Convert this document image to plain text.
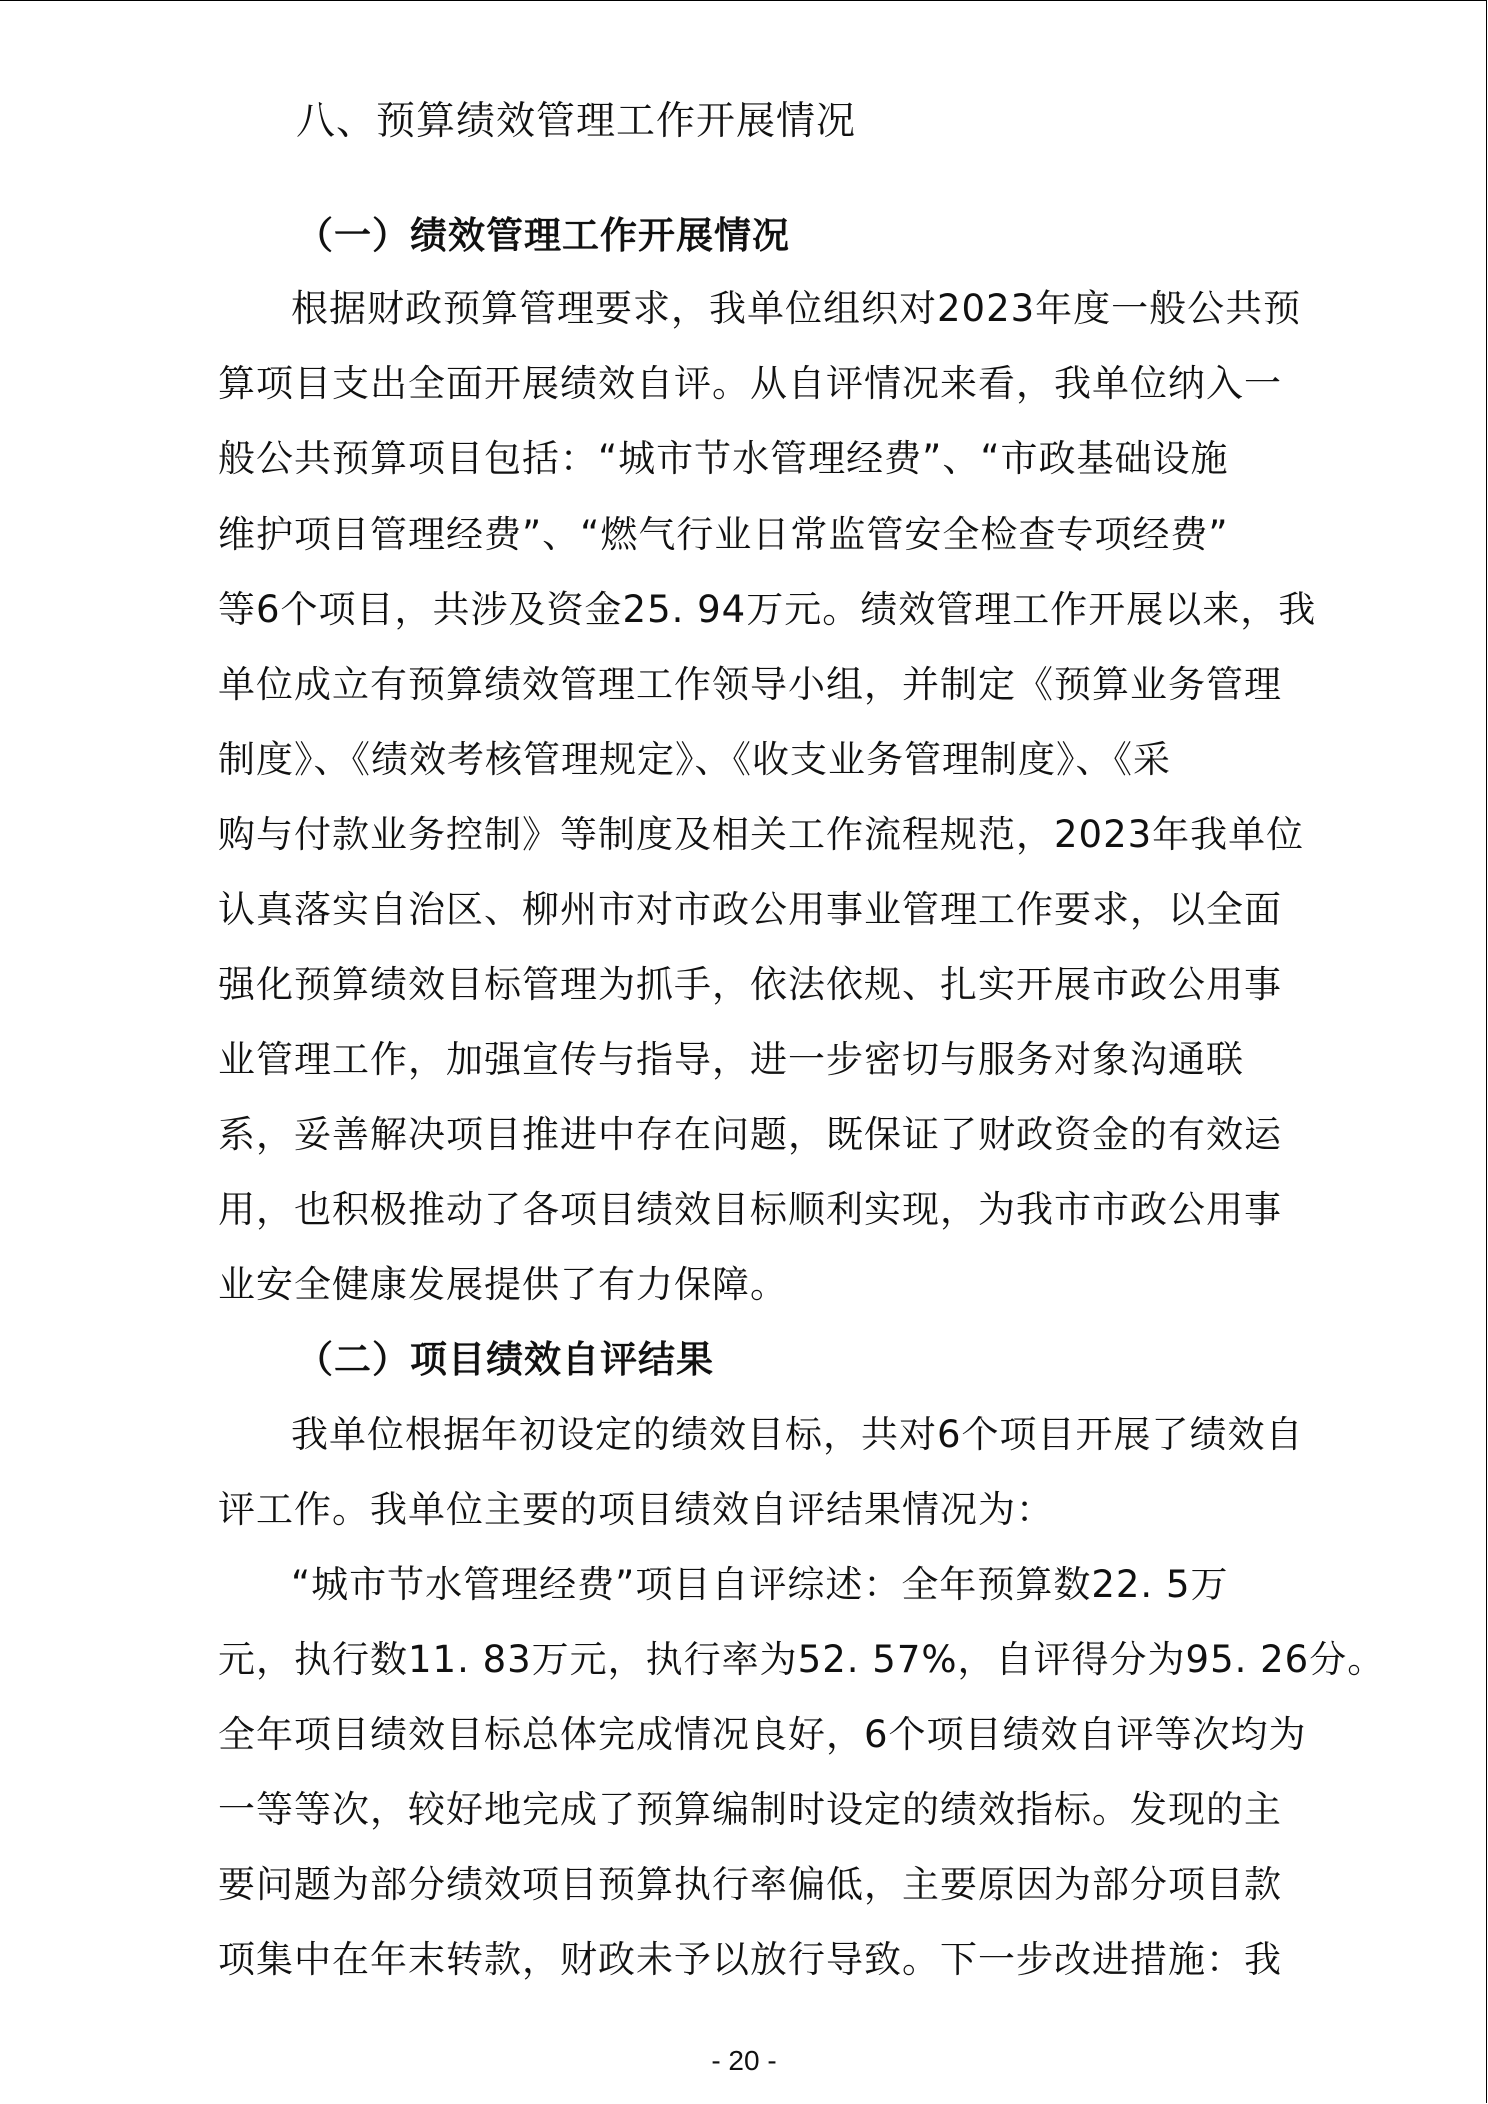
八、预算绩效管理工作开展情况
（一）绩效管理工作开展情况
根据财政预算管理要求，我单位组织对2023年度一般公共预
算项目支出全面开展绩效自评。从自评情况来看，我单位纳入一
般公共预算项目包括：“城市节水管理经费”、“市政基础设施
维护项目管理经费”、“燃气行业日常监管安全检查专项经费”
等6个项目，共涉及资金25. 94万元。绩效管理工作开展以来，我
单位成立有预算绩效管理工作领导小组，并制定《预算业务管理
制度》、《绩效考核管理规定》、《收支业务管理制度》、《采
购与付款业务控制》等制度及相关工作流程规范，2023年我单位
认真落实自治区、柳州市对市政公用事业管理工作要求，以全面
强化预算绩效目标管理为抓手，依法依规、扎实开展市政公用事
业管理工作，加强宣传与指导，进一步密切与服务对象沟通联
系，妥善解决项目推进中存在问题，既保证了财政资金的有效运
用，也积极推动了各项目绩效目标顺利实现，为我市市政公用事
业安全健康发展提供了有力保障。
（二）项目绩效自评结果
我单位根据年初设定的绩效目标，共对6个项目开展了绩效自
评工作。我单位主要的项目绩效自评结果情况为：
“城市节水管理经费”项目自评综述：全年预算数22. 5万
元，执行数11. 83万元，执行率为52. 57%，自评得分为95. 26分。
全年项目绩效目标总体完成情况良好，6个项目绩效自评等次均为
一等等次，较好地完成了预算编制时设定的绩效指标。发现的主
要问题为部分绩效项目预算执行率偏低，主要原因为部分项目款
项集中在年末转款，财政未予以放行导致。下一步改进措施：我
- 20 -
